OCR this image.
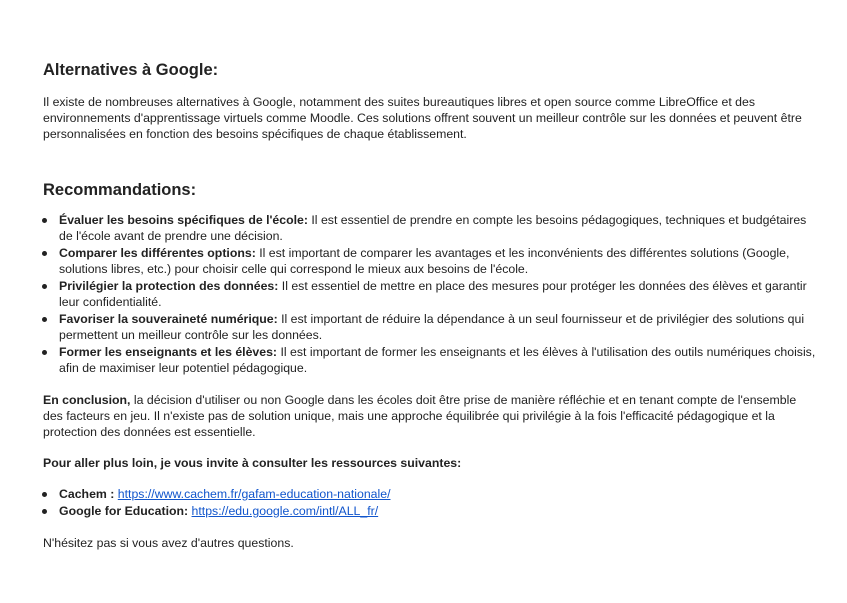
Alternatives à Google:

Il existe de nombreuses alternatives à Google, notamment des suites bureautiques libres et open source comme LibreOffice et des environnements d'apprentissage virtuels comme Moodle. Ces solutions offrent souvent un meilleur contrôle sur les données et peuvent être personnalisées en fonction des besoins spécifiques de chaque établissement.

Recommandations:
Évaluer les besoins spécifiques de l'école: Il est essentiel de prendre en compte les besoins pédagogiques, techniques et budgétaires de l'école avant de prendre une décision.
Comparer les différentes options: Il est important de comparer les avantages et les inconvénients des différentes solutions (Google, solutions libres, etc.) pour choisir celle qui correspond le mieux aux besoins de l'école.
Privilégier la protection des données: Il est essentiel de mettre en place des mesures pour protéger les données des élèves et garantir leur confidentialité.
Favoriser la souveraineté numérique: Il est important de réduire la dépendance à un seul fournisseur et de privilégier des solutions qui permettent un meilleur contrôle sur les données.
Former les enseignants et les élèves: Il est important de former les enseignants et les élèves à l'utilisation des outils numériques choisis, afin de maximiser leur potentiel pédagogique.

En conclusion, la décision d'utiliser ou non Google dans les écoles doit être prise de manière réfléchie et en tenant compte de l'ensemble des facteurs en jeu. Il n'existe pas de solution unique, mais une approche équilibrée qui privilégie à la fois l'efficacité pédagogique et la protection des données est essentielle.

Pour aller plus loin, je vous invite à consulter les ressources suivantes:

Cachem : https://www.cachem.fr/gafam-education-nationale/
Google for Education: https://edu.google.com/intl/ALL_fr/

N'hésitez pas si vous avez d'autres questions.
